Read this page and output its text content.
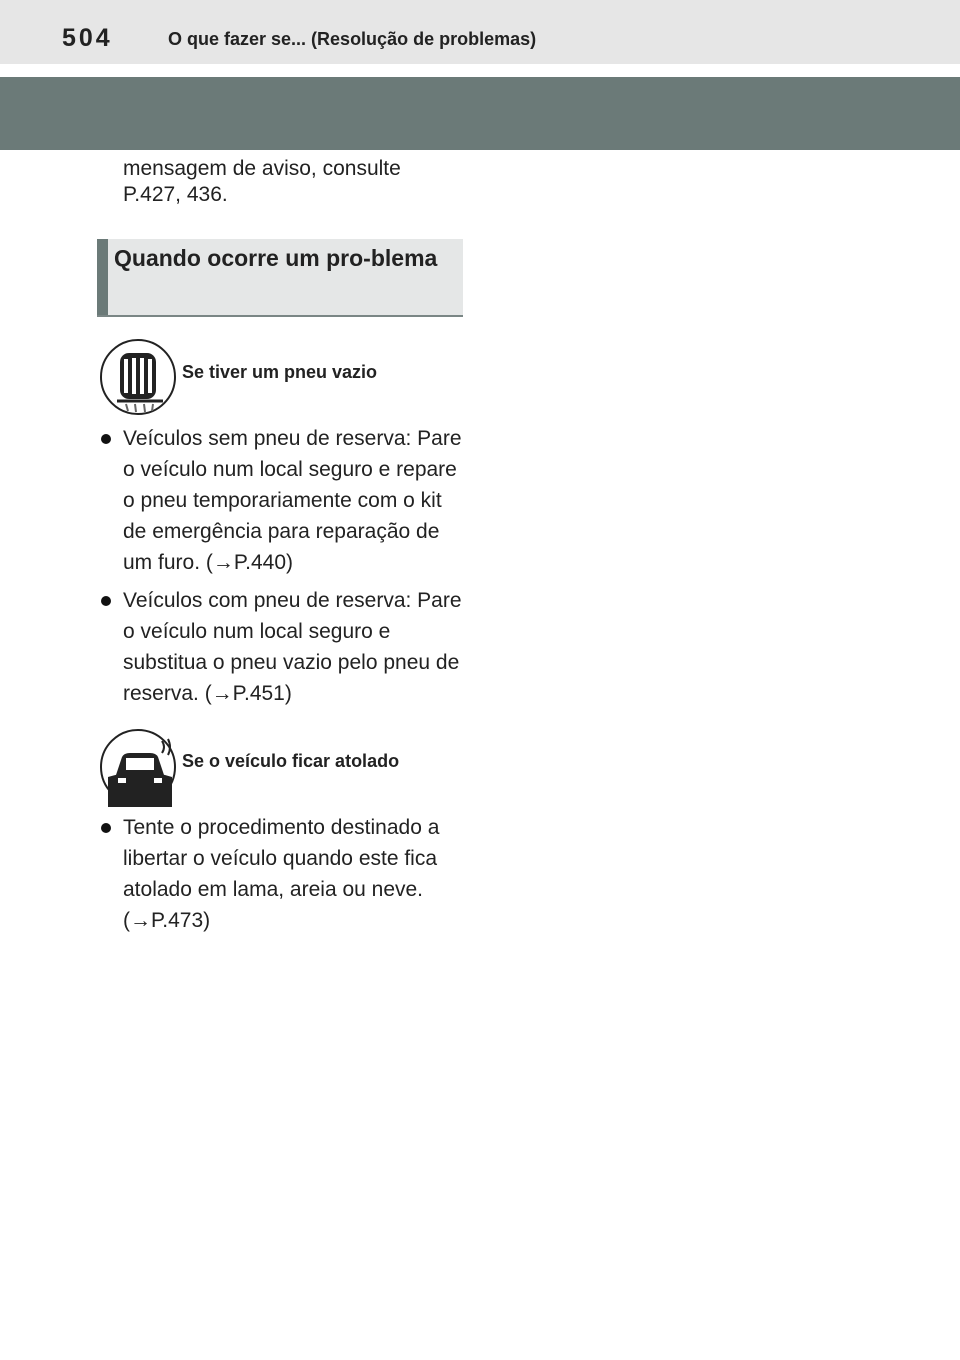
504	O que fazer se... (Resolução de problemas)
mensagem de aviso, consulte P.427, 436.
Quando ocorre um pro-blema
Se tiver um pneu vazio
Veículos sem pneu de reserva: Pare o veículo num local seguro e repare o pneu temporariamente com o kit de emergência para reparação de um furo. (→P.440)
Veículos com pneu de reserva: Pare o veículo num local seguro e substitua o pneu vazio pelo pneu de reserva. (→P.451)
Se o veículo ficar atolado
Tente o procedimento destinado a libertar o veículo quando este fica atolado em lama, areia ou neve. (→P.473)
